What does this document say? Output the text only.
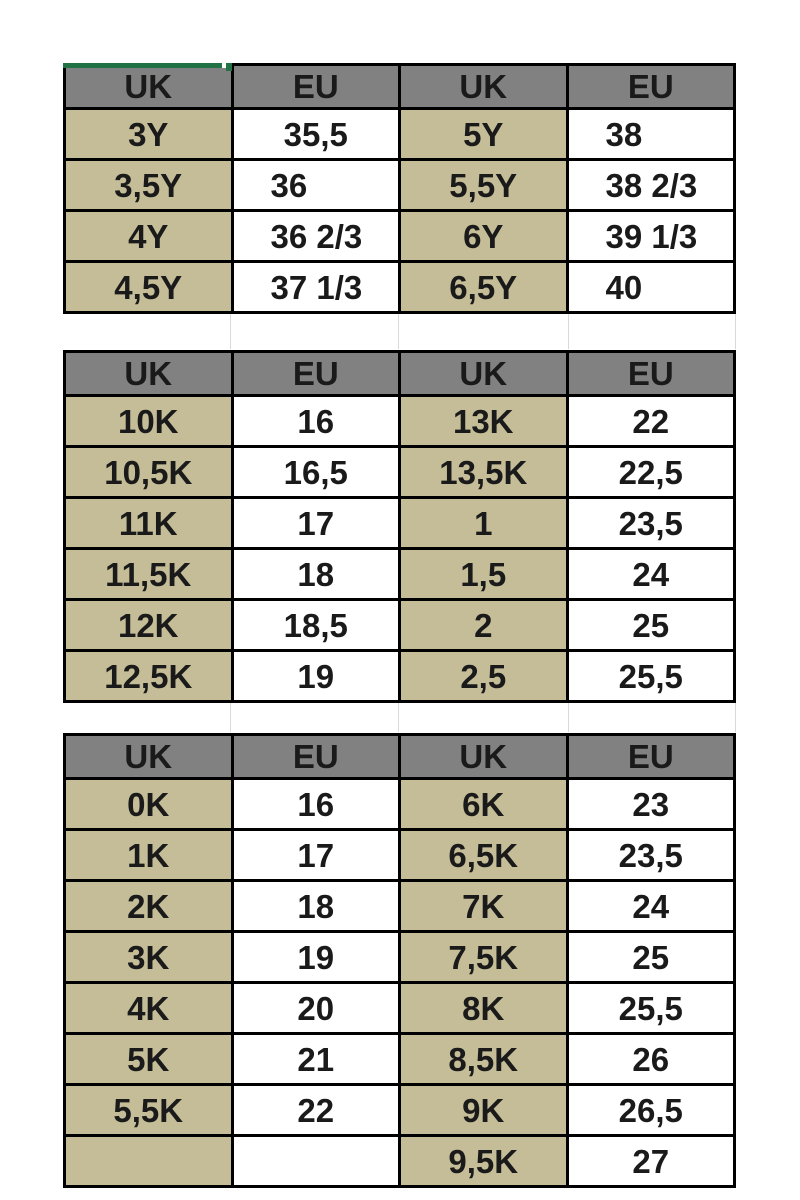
UK	EU	UK	EU
3Y	35,5	5Y	38
3,5Y	36	5,5Y	38 2/3
4Y	36 2/3	6Y	39 1/3
4,5Y	37 1/3	6,5Y	40
UK	EU	UK	EU
10K	16	13K	22
10,5K	16,5	13,5K	22,5
11K	17	1	23,5
11,5K	18	1,5	24
12K	18,5	2	25
12,5K	19	2,5	25,5
UK	EU	UK	EU
0K	16	6K	23
1K	17	6,5K	23,5
2K	18	7K	24
3K	19	7,5K	25
4K	20	8K	25,5
5K	21	8,5K	26
5,5K	22	9K	26,5
		9,5K	27
